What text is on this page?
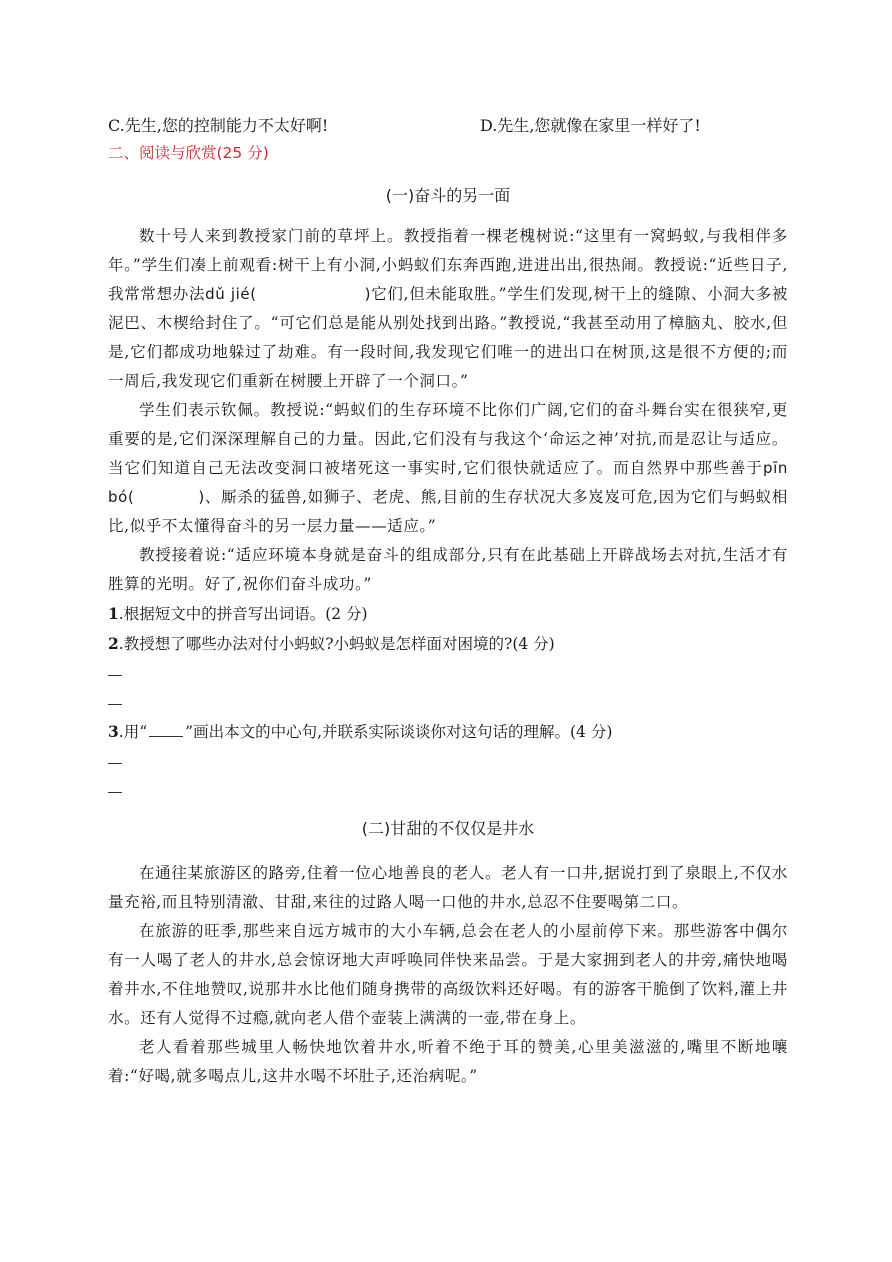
C.先生,您的控制能力不太好啊!	D.先生,您就像在家里一样好了!
二、阅读与欣赏(25 分)
(一)奋斗的另一面

数十号人来到教授家门前的草坪上。教授指着一棵老槐树说:“这里有一窝蚂蚁,与我相伴多年。”学生们凑上前观看:树干上有小洞,小蚂蚁们东奔西跑,进进出出,很热闹。教授说:“近些日子,我常常想办法dǔ jié(	)它们,但未能取胜。”学生们发现,树干上的缝隙、小洞大多被泥巴、木楔给封住了。“可它们总是能从别处找到出路。”教授说,“我甚至动用了樟脑丸、胶水,但是,它们都成功地躲过了劫难。有一段时间,我发现它们唯一的进出口在树顶,这是很不方便的;而一周后,我发现它们重新在树腰上开辟了一个洞口。”

学生们表示钦佩。教授说:“蚂蚁们的生存环境不比你们广阔,它们的奋斗舞台实在很狭窄,更重要的是,它们深深理解自己的力量。因此,它们没有与我这个‘命运之神’对抗,而是忍让与适应。当它们知道自己无法改变洞口被堵死这一事实时,它们很快就适应了。而自然界中那些善于pīn bó(	)、厮杀的猛兽,如狮子、老虎、熊,目前的生存状况大多岌岌可危,因为它们与蚂蚁相比,似乎不太懂得奋斗的另一层力量——适应。”

教授接着说:“适应环境本身就是奋斗的组成部分,只有在此基础上开辟战场去对抗,生活才有胜算的光明。好了,祝你们奋斗成功。”

1.根据短文中的拼音写出词语。(2 分)

2.教授想了哪些办法对付小蚂蚁?小蚂蚁是怎样面对困境的?(4 分)

3.用“ ”画出本文的中心句,并联系实际谈谈你对这句话的理解。(4 分)

(二)甘甜的不仅仅是井水

在通往某旅游区的路旁,住着一位心地善良的老人。老人有一口井,据说打到了泉眼上,不仅水量充裕,而且特别清澈、甘甜,来往的过路人喝一口他的井水,总忍不住要喝第二口。

在旅游的旺季,那些来自远方城市的大小车辆,总会在老人的小屋前停下来。那些游客中偶尔有一人喝了老人的井水,总会惊讶地大声呼唤同伴快来品尝。于是大家拥到老人的井旁,痛快地喝着井水,不住地赞叹,说那井水比他们随身携带的高级饮料还好喝。有的游客干脆倒了饮料,灌上井水。还有人觉得不过瘾,就向老人借个壶装上满满的一壶,带在身上。

老人看着那些城里人畅快地饮着井水,听着不绝于耳的赞美,心里美滋滋的,嘴里不断地嚷着:“好喝,就多喝点儿,这井水喝不坏肚子,还治病呢。”
